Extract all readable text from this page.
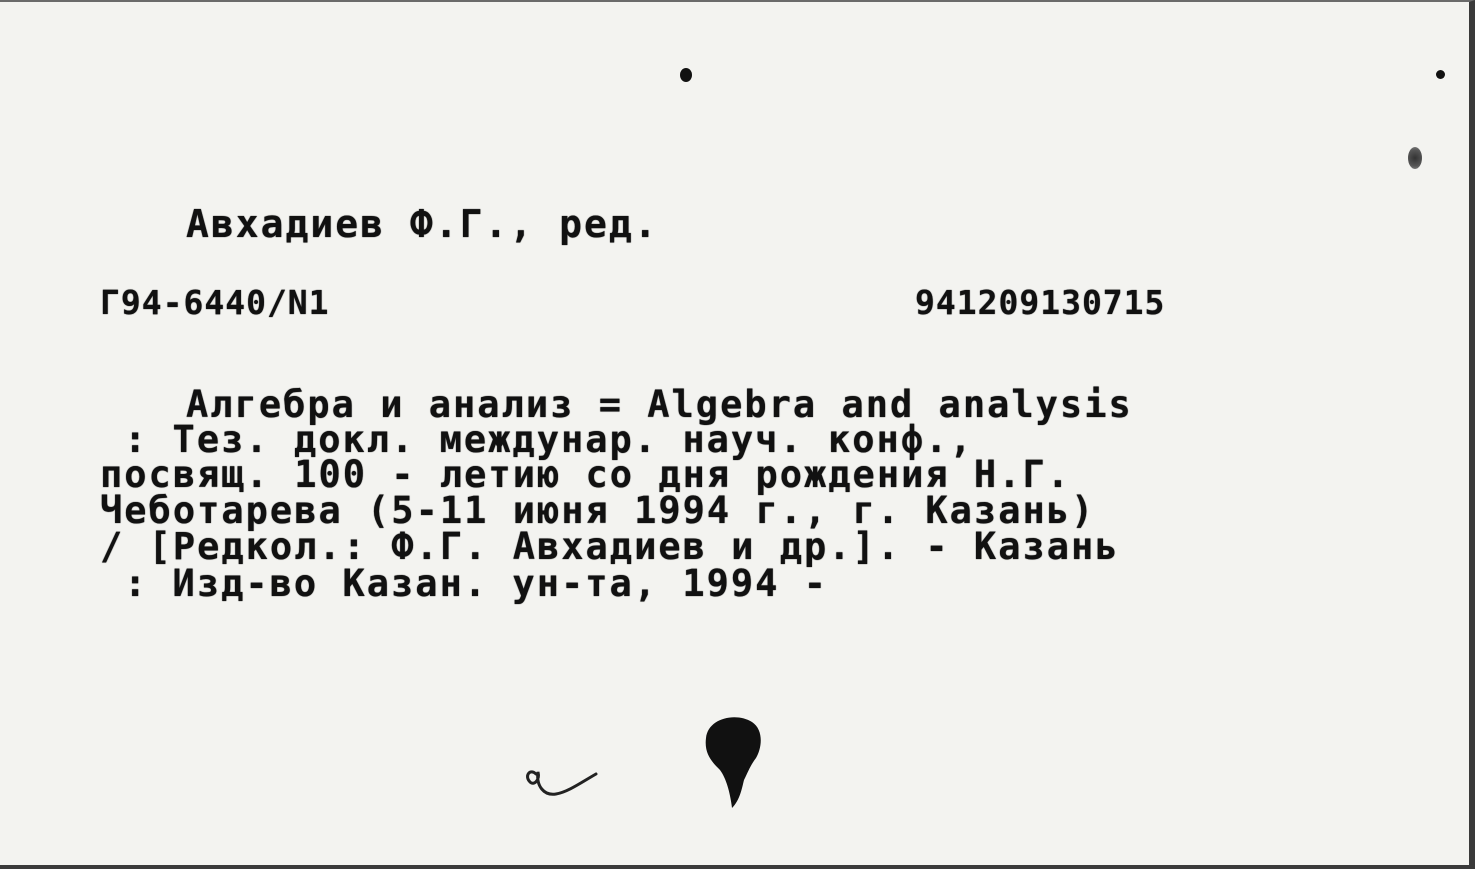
Авхадиев Ф.Г., ред.
Г94-6440/N1	9412091З0715
Алгебра и анализ = Algebra and analysis
: Тез. докл. междунар. науч. конф.,
посвящ. 100 - летию со дня рождения Н.Г.
Чеботарева (5-11 июня 1994 г., г. Казань)
/ [Редкол.: Ф.Г. Авхадиев и др.]. - Казань
: Изд-во Казан. ун-та, 1994 -
